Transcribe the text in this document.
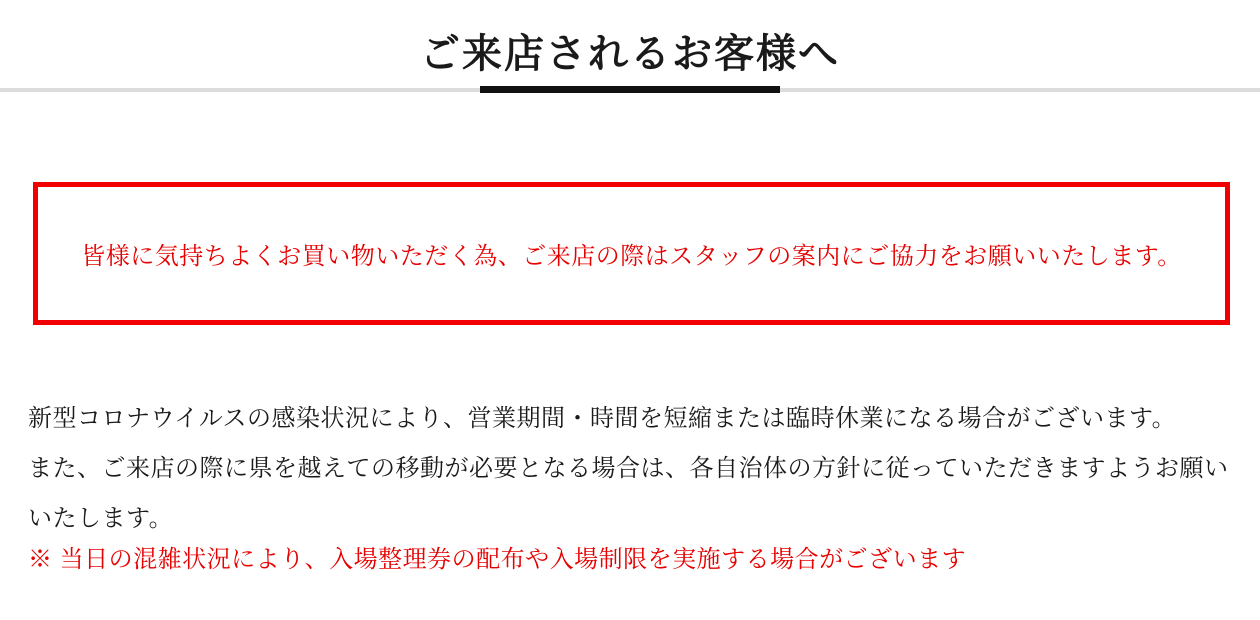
ご来店されるお客様へ

皆様に気持ちよくお買い物いただく為、ご来店の際はスタッフの案内にご協力をお願いいたします。

新型コロナウイルスの感染状況により、営業期間・時間を短縮または臨時休業になる場合がございます。
また、ご来店の際に県を越えての移動が必要となる場合は、各自治体の方針に従っていただきますようお願いいたします。

※ 当日の混雑状況により、入場整理券の配布や入場制限を実施する場合がございます
